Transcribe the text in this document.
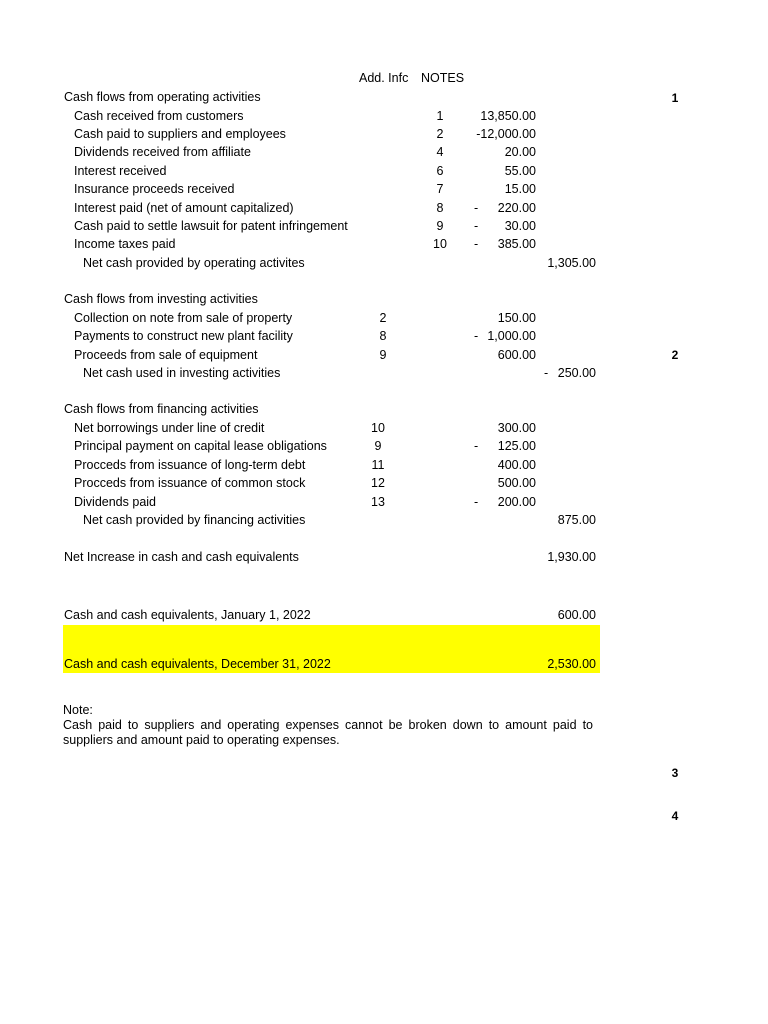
Add. Infc NOTES
1
2
3
4
Cash flows from operating activities
Cash received from customers	1	13,850.00
Cash paid to suppliers and employees	2	-12,000.00
Dividends received from affiliate	4	20.00
Interest received	6	55.00
Insurance proceeds received	7	15.00
Interest paid (net of amount capitalized)	8	-	220.00
Cash paid to settle lawsuit for patent infringement	9	-	30.00
Income taxes paid	10	-	385.00
Net cash provided by operating activites	1,305.00
Cash flows from investing activities
Collection on note from sale of property	2	150.00
Payments to construct new plant facility	8	- 1,000.00
Proceeds from sale of equipment	9	600.00
Net cash used in investing activities	- 250.00
Cash flows from financing activities
Net borrowings under line of credit	10	300.00
Principal payment on capital lease obligations	9	-	125.00
Procceds from issuance of long-term debt	11	400.00
Procceds from issuance of common stock	12	500.00
Dividends paid	13	-	200.00
Net cash provided by financing activities	875.00
Net Increase in cash and cash equivalents	1,930.00
Cash and cash equivalents, January 1, 2022	600.00
Cash and cash equivalents, December 31, 2022	2,530.00
Note:
Cash paid to suppliers and operating expenses cannot be broken down to amount paid to suppliers and amount paid to operating expenses.
